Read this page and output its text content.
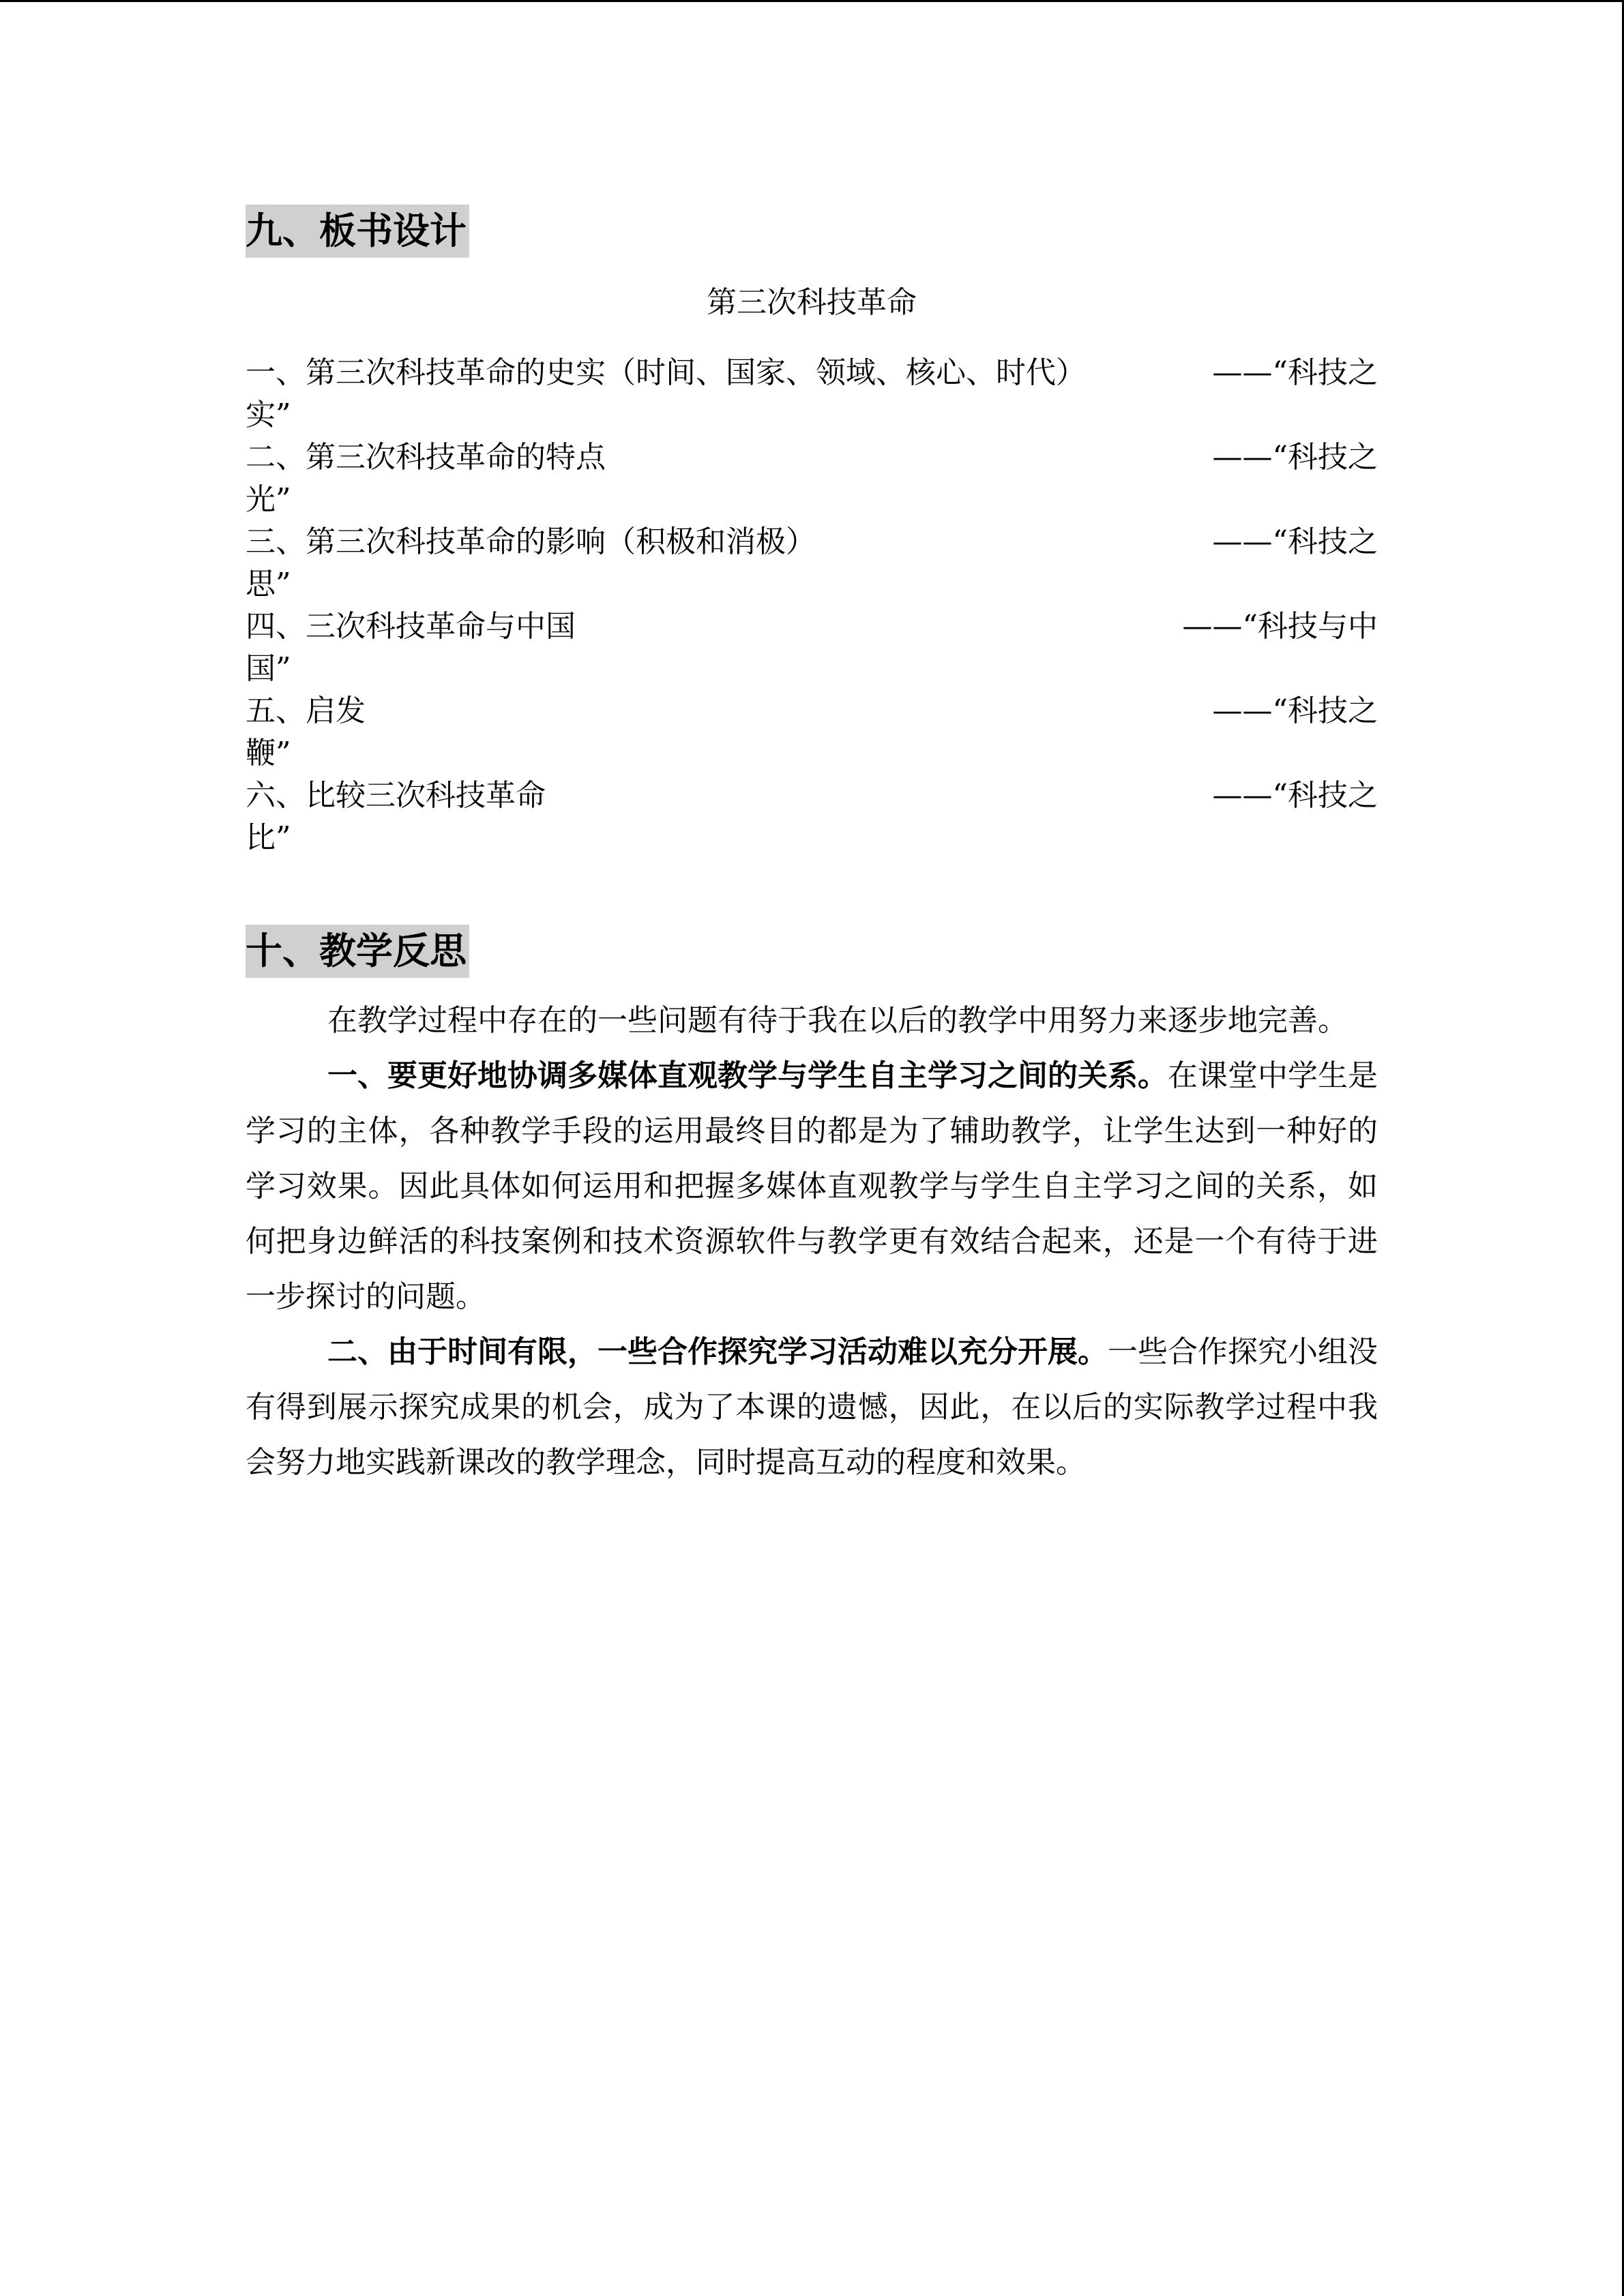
九、板书设计
第三次科技革命
一、第三次科技革命的史实（时间、国家、领域、核心、时代）	——“科技之
实”
二、第三次科技革命的特点	——“科技之
光”
三、第三次科技革命的影响（积极和消极）	——“科技之
思”
四、三次科技革命与中国	——“科技与中
国”
五、启发	——“科技之
鞭”
六、比较三次科技革命	——“科技之
比”
十、教学反思

在教学过程中存在的一些问题有待于我在以后的教学中用努力来逐步地完善。

一、要更好地协调多媒体直观教学与学生自主学习之间的关系。在课堂中学生是学习的主体，各种教学手段的运用最终目的都是为了辅助教学，让学生达到一种好的学习效果。因此具体如何运用和把握多媒体直观教学与学生自主学习之间的关系，如何把身边鲜活的科技案例和技术资源软件与教学更有效结合起来，还是一个有待于进一步探讨的问题。

二、由于时间有限，一些合作探究学习活动难以充分开展。一些合作探究小组没有得到展示探究成果的机会，成为了本课的遗憾，因此，在以后的实际教学过程中我会努力地实践新课改的教学理念，同时提高互动的程度和效果。
